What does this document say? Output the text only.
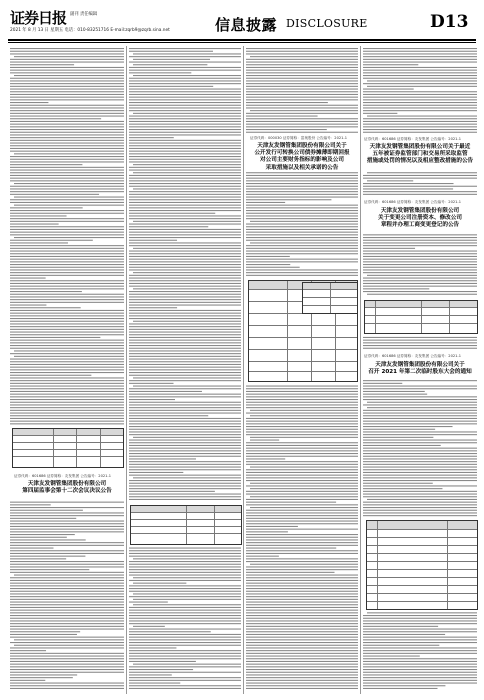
证券日报 副刊 责任编辑
2021 年 8 月 13 日 星期五 电话：010-83251716 E-mail:zqrb9@zqrb.sina.net	信息披露 DISCLOSURE	D13
证券代码：000030 证券简称：富奥股份 公告编号：2021-1
天津友发钢管集团股份有限公司关于
公开发行可转换公司债券摊薄即期回报
对公司主要财务指标的影响及公司
采取措施以及相关承诺的公告
证券代码：601686 证券简称：友发集团 公告编号：2021-1
天津友发钢管集团股份有限公司关于最近
五年被证券监管部门和交易所采取监管
措施或处罚的情况以及相应整改措施的公告
证券代码：601686 证券简称：友发集团 公告编号：2021-1
天津友发钢管集团股份有限公司
关于变更公司注册资本、修改公司
章程并办理工商变更登记的公告
证券代码：601686 证券简称：友发集团 公告编号：2021-1
天津友发钢管集团股份有限公司关于
召开 2021 年第二次临时股东大会的通知
证券代码：601686 证券简称：友发集团 公告编号：2021-1
天津友发钢管集团股份有限公司
第四届监事会第十二次会议决议公告
